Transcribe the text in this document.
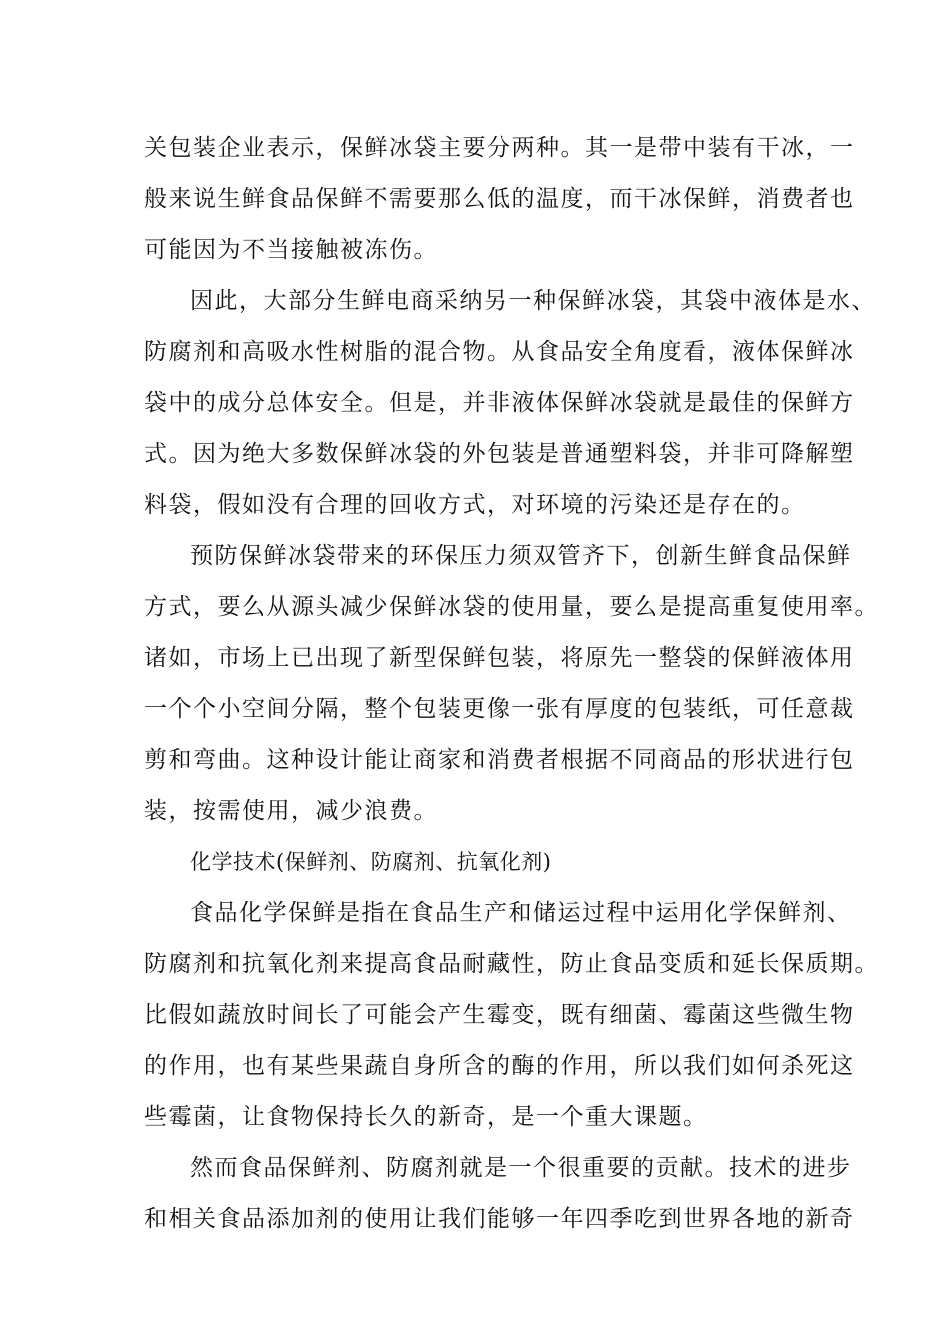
关包装企业表示，保鲜冰袋主要分两种。其一是带中装有干冰，一
般来说生鲜食品保鲜不需要那么低的温度，而干冰保鲜，消费者也
可能因为不当接触被冻伤。
因此，大部分生鲜电商采纳另一种保鲜冰袋，其袋中液体是水、
防腐剂和高吸水性树脂的混合物。从食品安全角度看，液体保鲜冰
袋中的成分总体安全。但是，并非液体保鲜冰袋就是最佳的保鲜方
式。因为绝大多数保鲜冰袋的外包装是普通塑料袋，并非可降解塑
料袋，假如没有合理的回收方式，对环境的污染还是存在的。
预防保鲜冰袋带来的环保压力须双管齐下，创新生鲜食品保鲜
方式，要么从源头减少保鲜冰袋的使用量，要么是提高重复使用率。
诸如，市场上已出现了新型保鲜包装，将原先一整袋的保鲜液体用
一个个小空间分隔，整个包装更像一张有厚度的包装纸，可任意裁
剪和弯曲。这种设计能让商家和消费者根据不同商品的形状进行包
装，按需使用，减少浪费。
化学技术(保鲜剂、防腐剂、抗氧化剂)
食品化学保鲜是指在食品生产和储运过程中运用化学保鲜剂、
防腐剂和抗氧化剂来提高食品耐藏性，防止食品变质和延长保质期。
比假如蔬放时间长了可能会产生霉变，既有细菌、霉菌这些微生物
的作用，也有某些果蔬自身所含的酶的作用，所以我们如何杀死这
些霉菌，让食物保持长久的新奇，是一个重大课题。
然而食品保鲜剂、防腐剂就是一个很重要的贡献。技术的进步
和相关食品添加剂的使用让我们能够一年四季吃到世界各地的新奇
